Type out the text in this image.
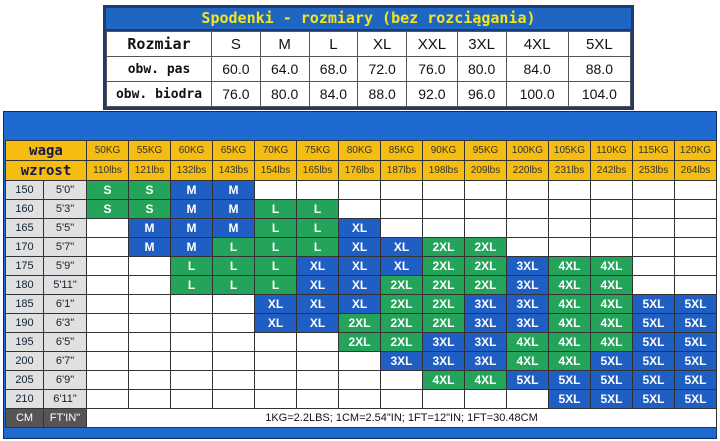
Spodenki - rozmiary (bez rozciągania)
Rozmiar	S	M	L	XL	XXL	3XL	4XL	5XL
obw. pas	60.0	64.0	68.0	72.0	76.0	80.0	84.0	88.0
obw. biodra	76.0	80.0	84.0	88.0	92.0	96.0	100.0	104.0
waga		50KG	55KG	60KG	65KG	70KG	75KG	80KG	85KG	90KG	95KG	100KG	105KG	110KG	115KG	120KG
wzrost		110lbs	121lbs	132lbs	143lbs	154lbs	165lbs	176lbs	187lbs	198lbs	209lbs	220lbs	231lbs	242lbs	253lbs	264lbs
150	5'0"	S	S	M	M											
160	5'3"	S	S	M	M	L	L									
165	5'5"		M	M	M	L	L	XL								
170	5'7"		M	M	L	L	L	XL	XL	2XL	2XL					
175	5'9"			L	L	L	XL	XL	XL	2XL	2XL	3XL	4XL	4XL		
180	5'11"			L	L	L	XL	XL	2XL	2XL	2XL	3XL	4XL	4XL		
185	6'1"					XL	XL	XL	2XL	2XL	3XL	3XL	4XL	4XL	5XL	5XL
190	6'3"					XL	XL	2XL	2XL	2XL	3XL	3XL	4XL	4XL	5XL	5XL
195	6'5"							2XL	2XL	3XL	3XL	4XL	4XL	4XL	5XL	5XL
200	6'7"								3XL	3XL	3XL	4XL	4XL	5XL	5XL	5XL
205	6'9"									4XL	4XL	5XL	5XL	5XL	5XL	5XL
210	6'11"												5XL	5XL	5XL	5XL
CM	FT'IN"	1KG=2.2LBS; 1CM=2.54"IN; 1FT=12"IN; 1FT=30.48CM														
